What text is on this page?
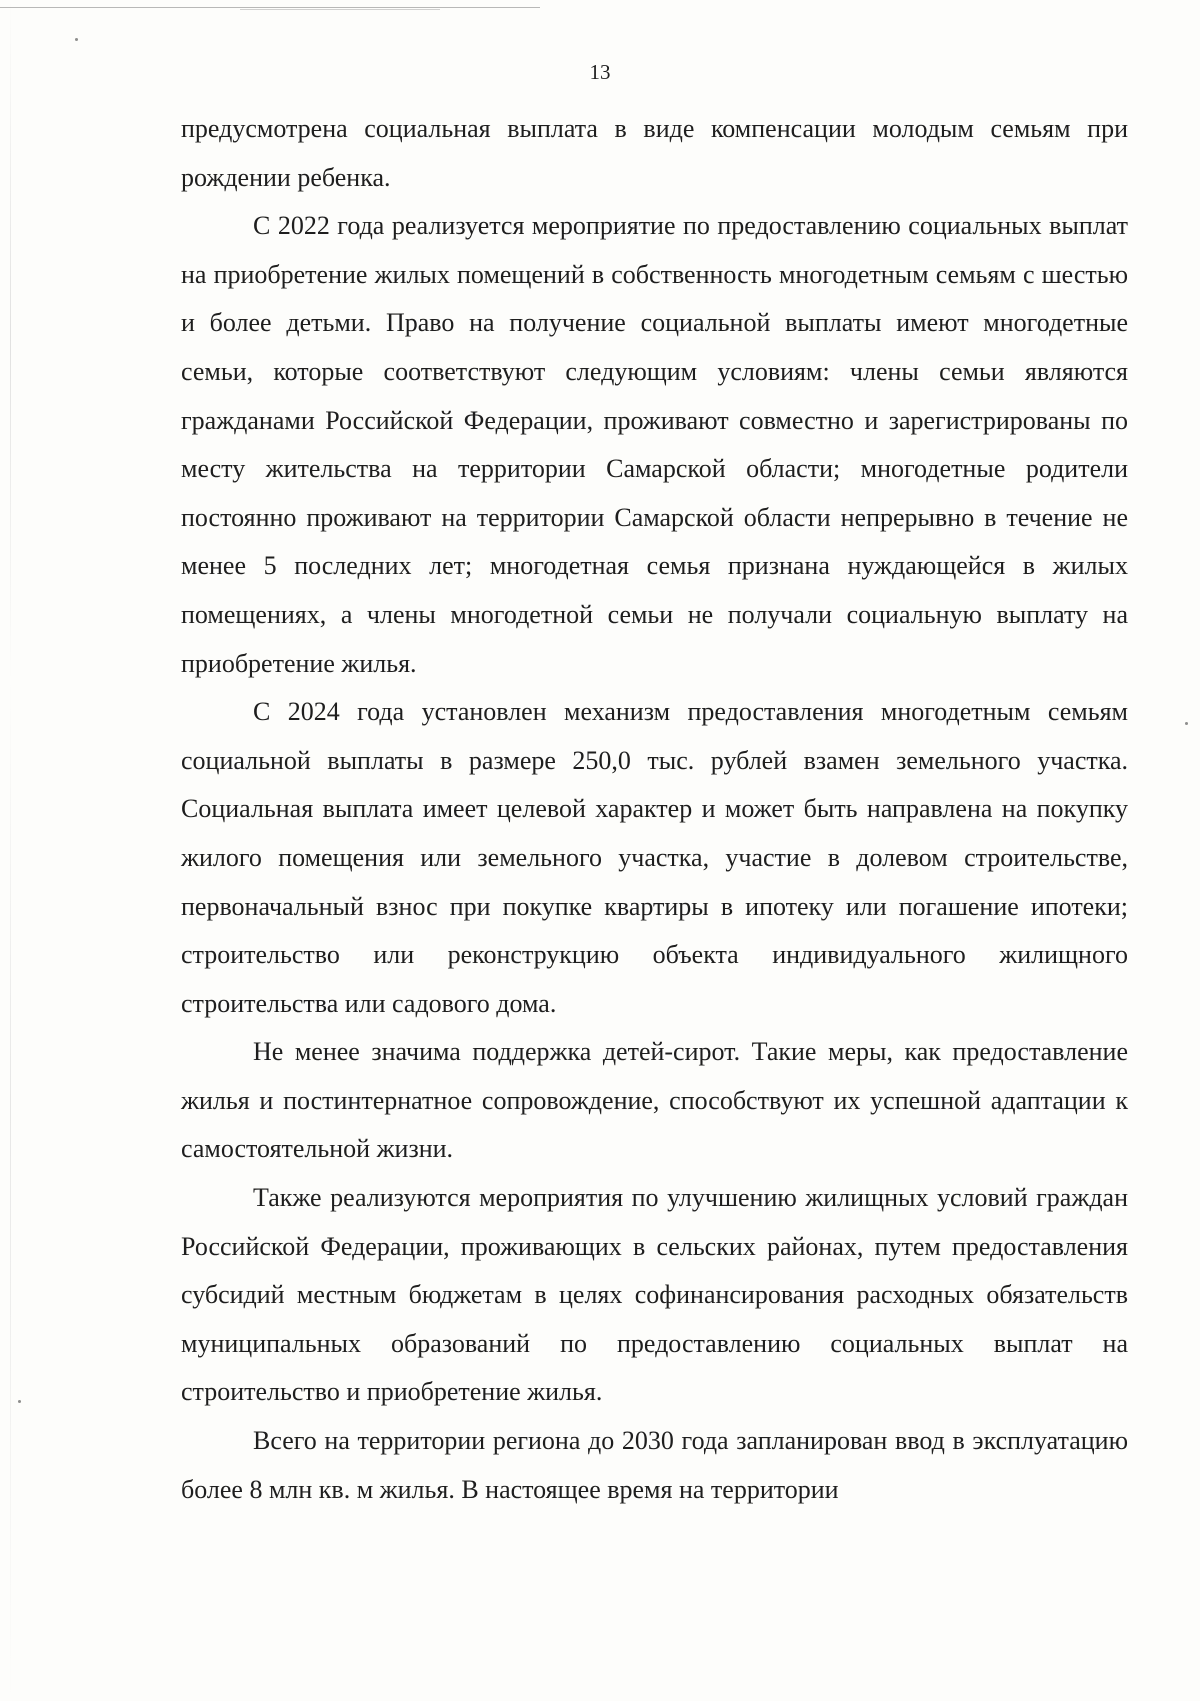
13

предусмотрена социальная выплата в виде компенсации молодым семьям при рождении ребенка.

С 2022 года реализуется мероприятие по предоставлению социальных выплат на приобретение жилых помещений в собственность многодетным семьям с шестью и более детьми. Право на получение социальной выплаты имеют многодетные семьи, которые соответствуют следующим условиям: члены семьи являются гражданами Российской Федерации, проживают совместно и зарегистрированы по месту жительства на территории Самарской области; многодетные родители постоянно проживают на территории Самарской области непрерывно в течение не менее 5 последних лет; многодетная семья признана нуждающейся в жилых помещениях, а члены многодетной семьи не получали социальную выплату на приобретение жилья.

С 2024 года установлен механизм предоставления многодетным семьям социальной выплаты в размере 250,0 тыс. рублей взамен земельного участка. Социальная выплата имеет целевой характер и может быть направлена на покупку жилого помещения или земельного участка, участие в долевом строительстве, первоначальный взнос при покупке квартиры в ипотеку или погашение ипотеки; строительство или реконструкцию объекта индивидуального жилищного строительства или садового дома.

Не менее значима поддержка детей-сирот. Такие меры, как предоставление жилья и постинтернатное сопровождение, способствуют их успешной адаптации к самостоятельной жизни.

Также реализуются мероприятия по улучшению жилищных условий граждан Российской Федерации, проживающих в сельских районах, путем предоставления субсидий местным бюджетам в целях софинансирования расходных обязательств муниципальных образований по предоставлению социальных выплат на строительство и приобретение жилья.

Всего на территории региона до 2030 года запланирован ввод в эксплуатацию более 8 млн кв. м жилья. В настоящее время на территории
